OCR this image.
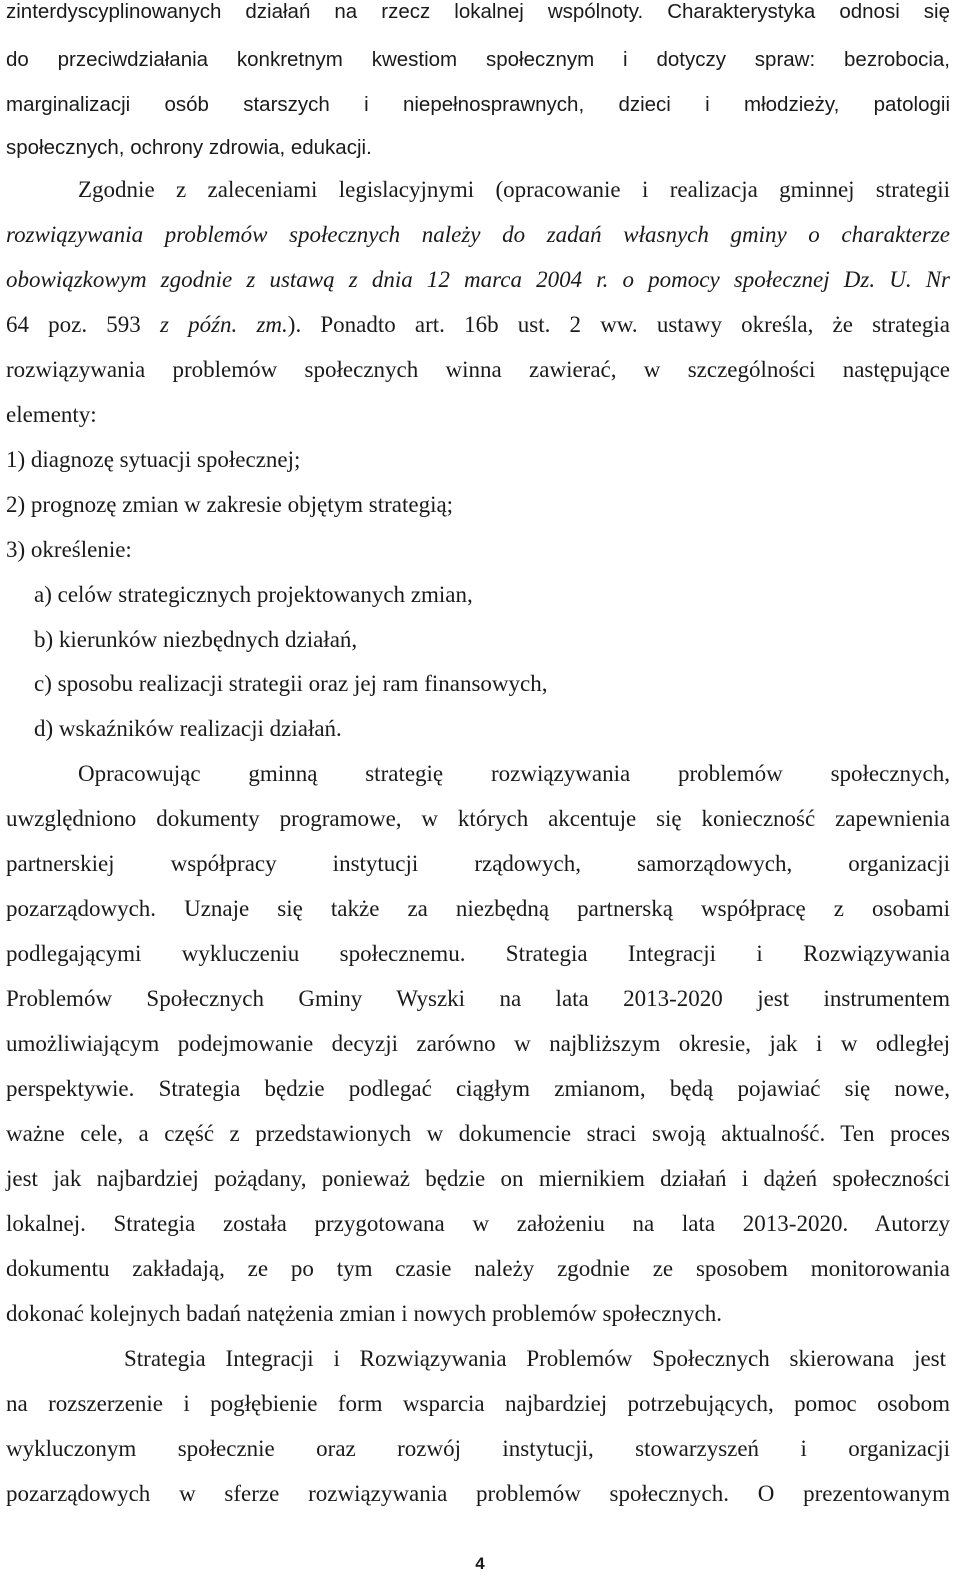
zinterdyscyplinowanych działań na rzecz lokalnej wspólnoty. Charakterystyka odnosi się
do przeciwdziałania konkretnym kwestiom społecznym i dotyczy spraw: bezrobocia,
marginalizacji osób starszych i niepełnosprawnych, dzieci i młodzieży, patologii
społecznych, ochrony zdrowia, edukacji.
Zgodnie z zaleceniami legislacyjnymi (opracowanie i realizacja gminnej strategii
rozwiązywania problemów społecznych należy do zadań własnych gminy o charakterze
obowiązkowym zgodnie z ustawą z dnia 12 marca 2004 r. o pomocy społecznej Dz. U. Nr
64 poz. 593 z późn. zm.). Ponadto art. 16b ust. 2 ww. ustawy określa, że strategia
rozwiązywania problemów społecznych winna zawierać, w szczególności następujące
elementy:
1) diagnozę sytuacji społecznej;
2) prognozę zmian w zakresie objętym strategią;
3) określenie:
a) celów strategicznych projektowanych zmian,
b) kierunków niezbędnych działań,
c) sposobu realizacji strategii oraz jej ram finansowych,
d) wskaźników realizacji działań.
Opracowując gminną strategię rozwiązywania problemów społecznych,
uwzględniono dokumenty programowe, w których akcentuje się konieczność zapewnienia
partnerskiej współpracy instytucji rządowych, samorządowych, organizacji
pozarządowych. Uznaje się także za niezbędną partnerską współpracę z osobami
podlegającymi wykluczeniu społecznemu. Strategia Integracji i Rozwiązywania
Problemów Społecznych Gminy Wyszki na lata 2013-2020 jest instrumentem
umożliwiającym podejmowanie decyzji zarówno w najbliższym okresie, jak i w odległej
perspektywie. Strategia będzie podlegać ciągłym zmianom, będą pojawiać się nowe,
ważne cele, a część z przedstawionych w dokumencie straci swoją aktualność. Ten proces
jest jak najbardziej pożądany, ponieważ będzie on miernikiem działań i dążeń społeczności
lokalnej. Strategia została przygotowana w założeniu na lata 2013-2020. Autorzy
dokumentu zakładają, ze po tym czasie należy zgodnie ze sposobem monitorowania
dokonać kolejnych badań natężenia zmian i nowych problemów społecznych.
Strategia Integracji i Rozwiązywania Problemów Społecznych skierowana jest
na rozszerzenie i pogłębienie form wsparcia najbardziej potrzebujących, pomoc osobom
wykluczonym społecznie oraz rozwój instytucji, stowarzyszeń i organizacji
pozarządowych w sferze rozwiązywania problemów społecznych. O prezentowanym
4
